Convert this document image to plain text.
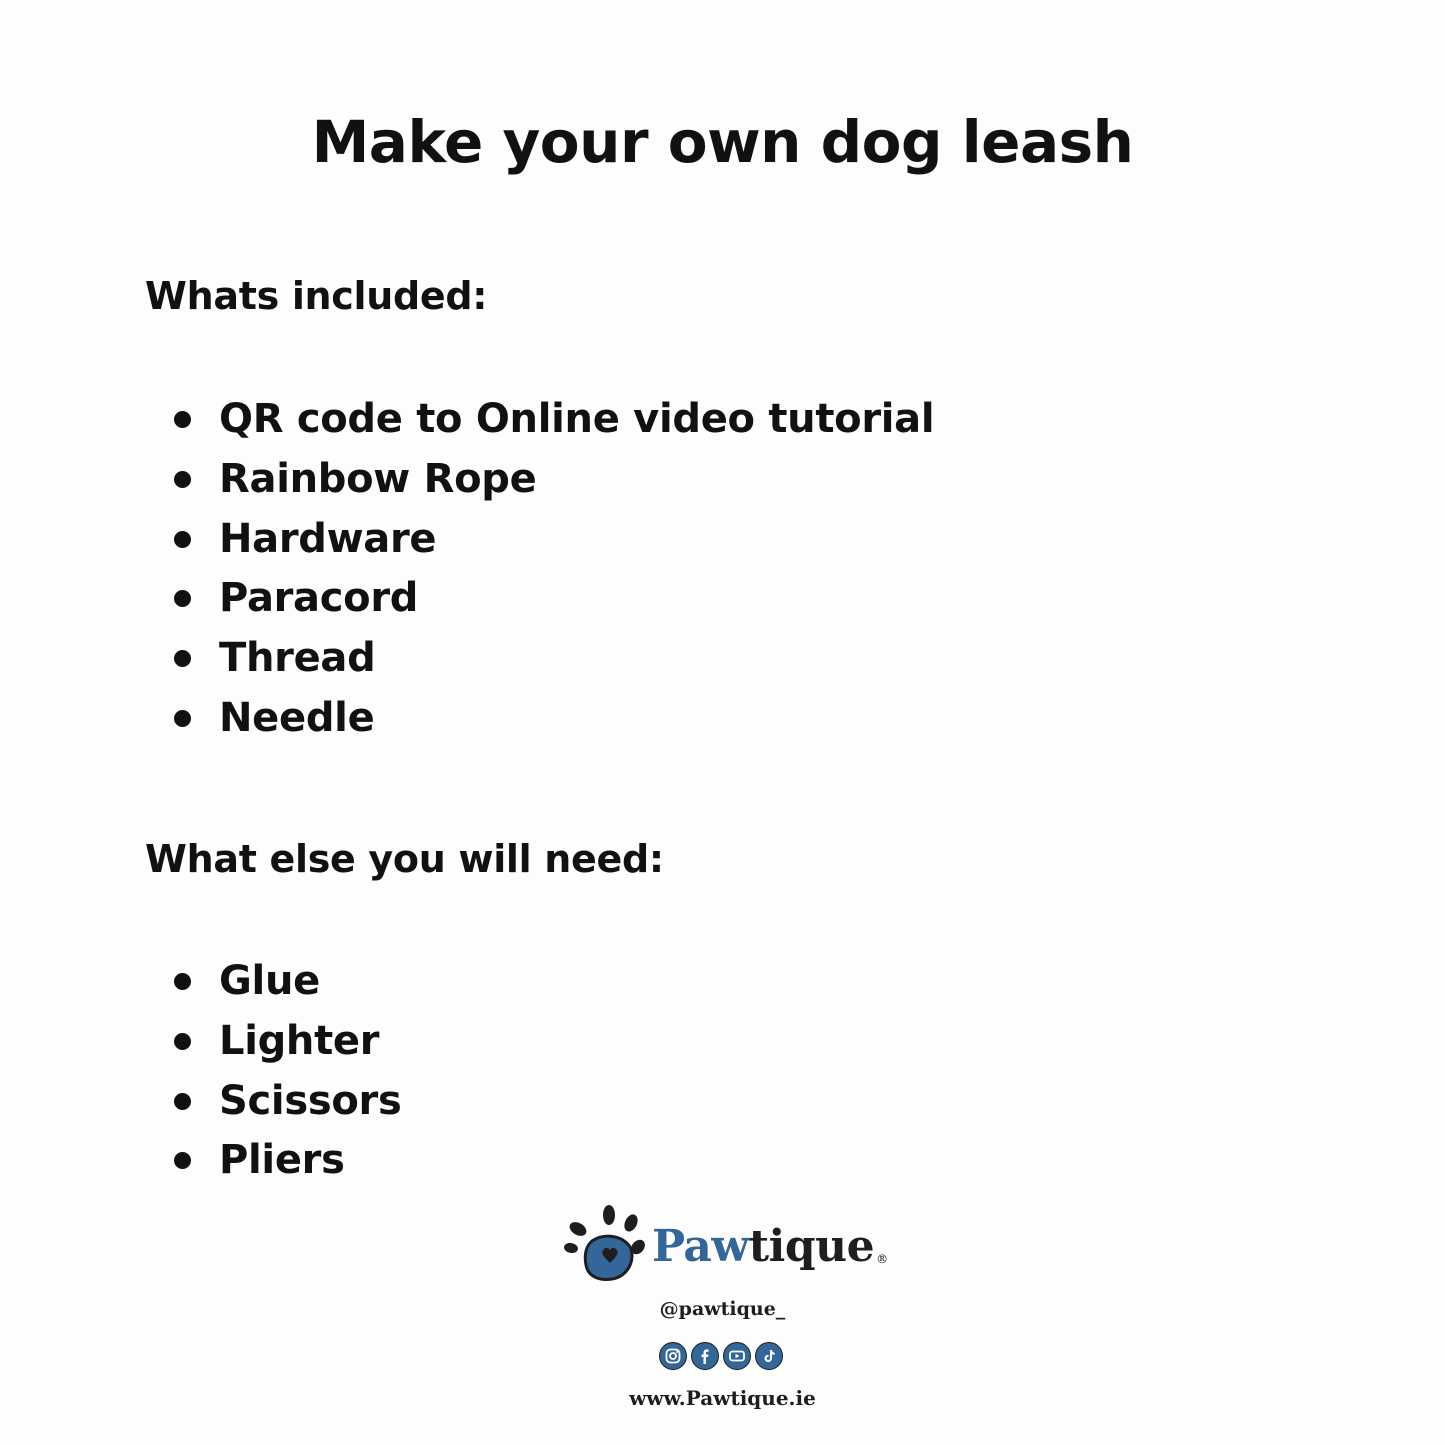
Make your own dog leash
Whats included:
QR code to Online video tutorial
Rainbow Rope
Hardware
Paracord
Thread
Needle
What else you will need:
Glue
Lighter
Scissors
Pliers
Pawtique ®
@pawtique_
www.Pawtique.ie
